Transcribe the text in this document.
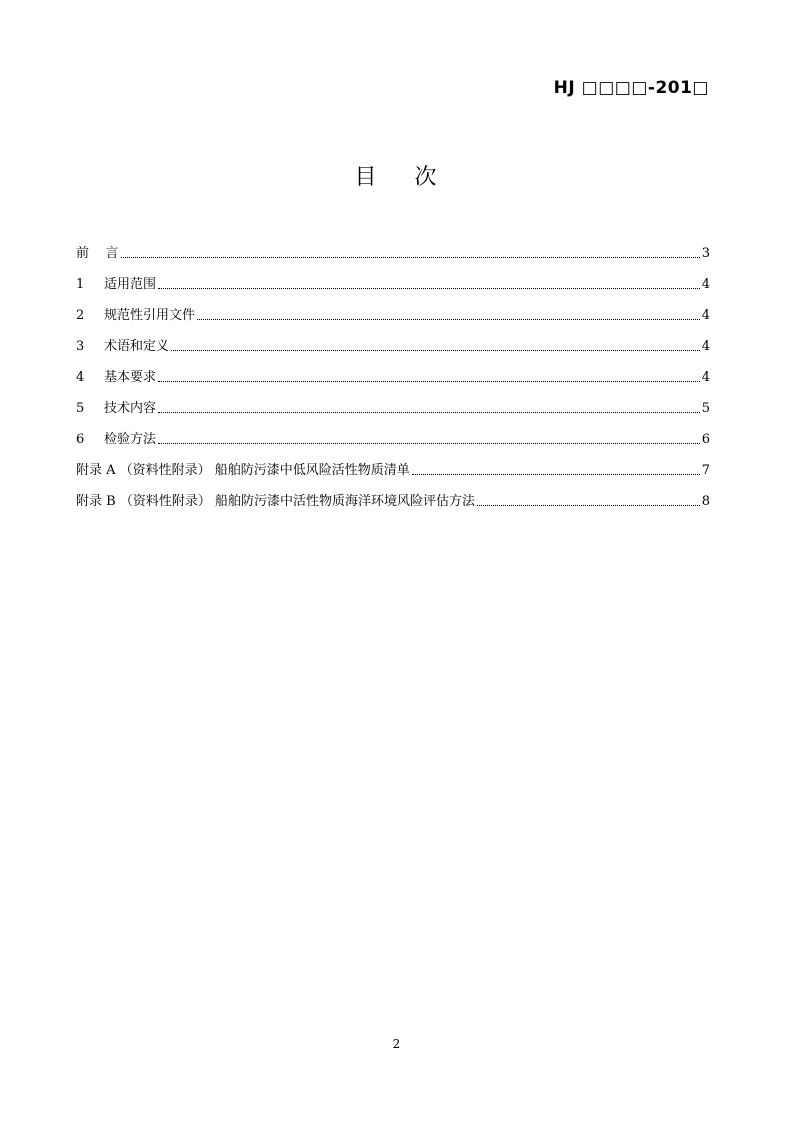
HJ □□□□-201□
目    次
前    言	3
1	适用范围	4
2	规范性引用文件	4
3	术语和定义	4
4	基本要求	4
5	技术内容	5
6	检验方法	6
附录 A （资料性附录） 船舶防污漆中低风险活性物质清单	7
附录 B （资料性附录） 船舶防污漆中活性物质海洋环境风险评估方法	8
2
